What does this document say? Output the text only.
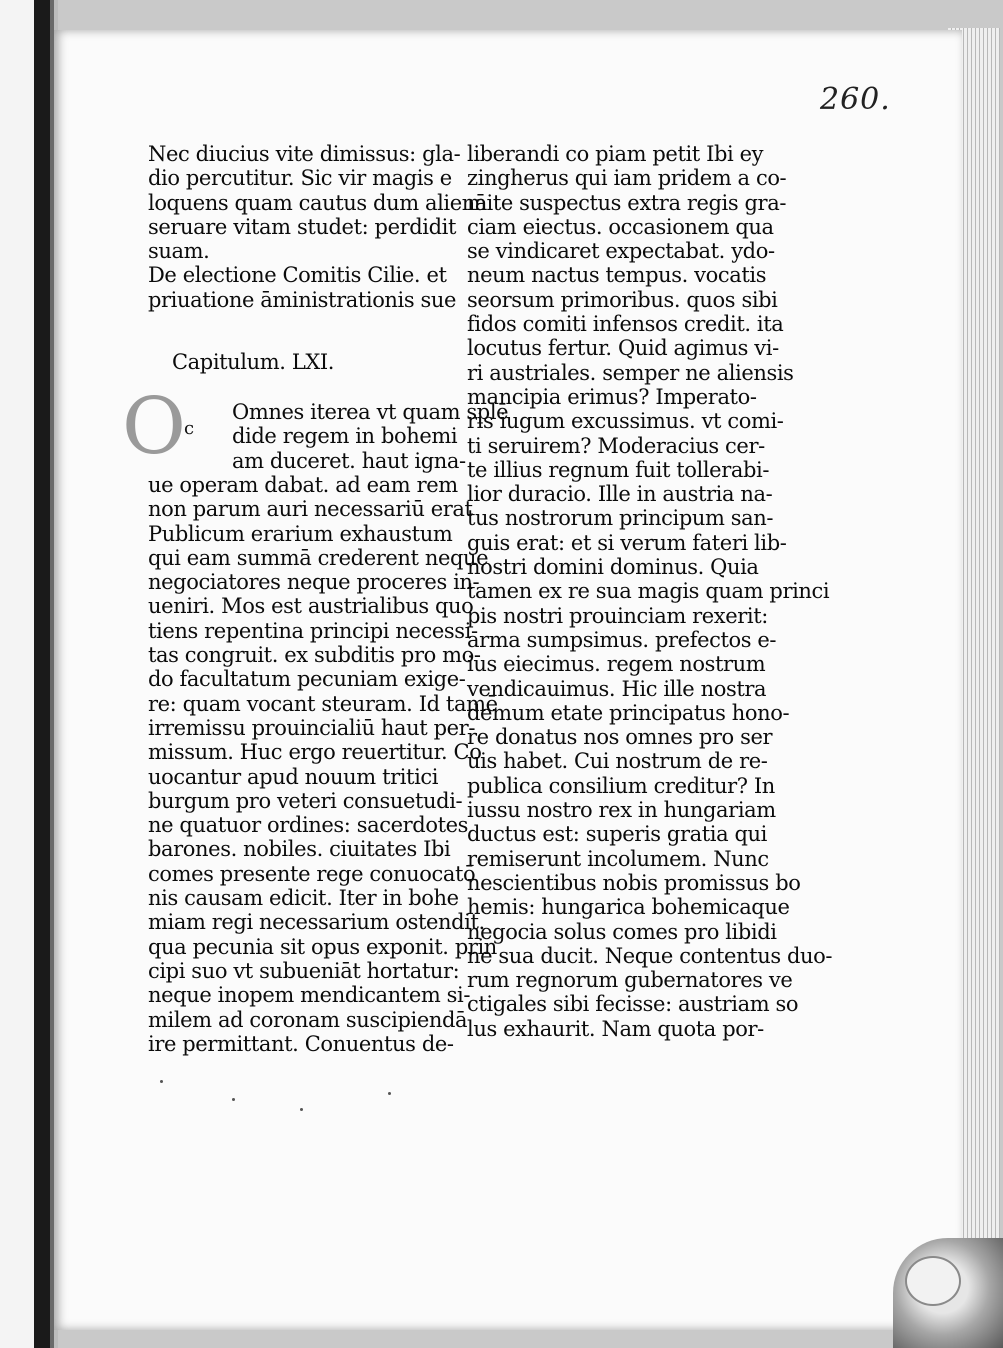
260.
O
c
Nec diucius vite dimissus: gla-
dio percutitur. Sic vir magis e
loquens quam cautus dum alienā
seruare vitam studet: perdidit
suam.
De electione Comitis Cilie. et
priuatione āministrationis sue
Capitulum. LXI.
Omnes iterea vt quam splē
dide regem in bohemi
am duceret. haut igna-
ue operam dabat. ad eam rem
non parum auri necessariū erat
Publicum erarium exhaustum
qui eam summā crederent neque
negociatores neque proceres in-
ueniri. Mos est austrialibus quo
tiens repentina principi necessi-
tas congruit. ex subditis pro mo-
do facultatum pecuniam exige-
re: quam vocant steuram. Id tamē
irremissu prouincialiū haut per-
missum. Huc ergo reuertitur. Co
uocantur apud nouum tritici
burgum pro veteri consuetudi-
ne quatuor ordines: sacerdotes
barones. nobiles. ciuitates Ibi
comes presente rege conuocatō
nis causam edicit. Iter in bohe
miam regi necessarium ostendit.
qua pecunia sit opus exponit. prin
cipi suo vt subueniāt hortatur:
neque inopem mendicantem si-
milem ad coronam suscipiendā
ire permittant. Conuentus de-
liberandi co piam petit Ibi ey
zingherus qui iam pridem a co-
mite suspectus extra regis gra-
ciam eiectus. occasionem qua
se vindicaret expectabat. ydo-
neum nactus tempus. vocatis
seorsum primoribus. quos sibi
fidos comiti infensos credit. ita
locutus fertur. Quid agimus vi-
ri austriales. semper ne aliensis
mancipia erimus? Imperato-
ris iugum excussimus. vt comi-
ti seruirem? Moderacius cer-
te illius regnum fuit tollerabi-
lior duracio. Ille in austria na-
tus nostrorum principum san-
guis erat: et si verum fateri lib-
nostri domini dominus. Quia
tamen ex re sua magis quam princi
pis nostri prouinciam rexerit:
arma sumpsimus. prefectos e-
ius eiecimus. regem nostrum
vendicauimus. Hic ille nostra
demum etate principatus hono-
re donatus nos omnes pro ser
uis habet. Cui nostrum de re-
publica consilium creditur? In
iussu nostro rex in hungariam
ductus est: superis gratia qui
remiserunt incolumem. Nunc
nescientibus nobis promissus bo
hemis: hungarica bohemicaque
negocia solus comes pro libidi
ne sua ducit. Neque contentus duo-
rum regnorum gubernatores ve
ctigales sibi fecisse: austriam so
lus exhaurit. Nam quota por-
